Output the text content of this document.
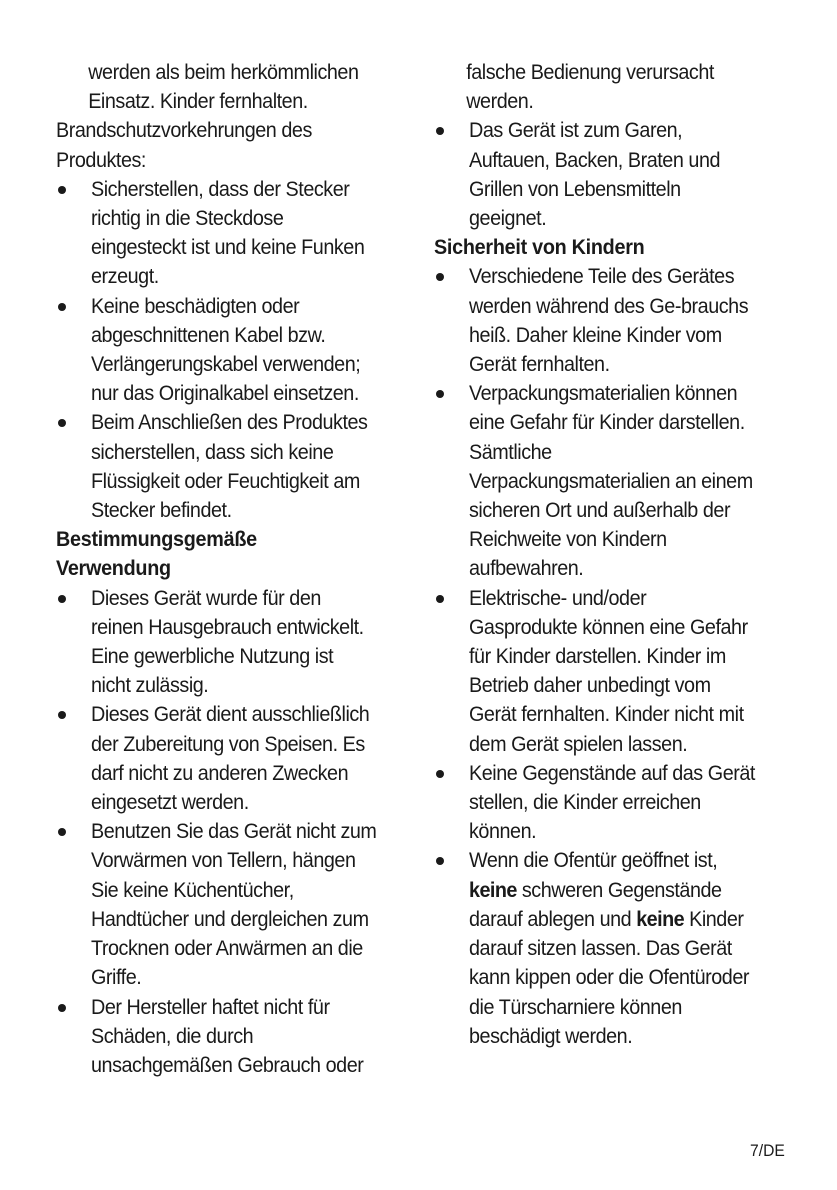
werden als beim herkömmlichen
Einsatz. Kinder fernhalten.
Brandschutzvorkehrungen des
Produktes:
Sicherstellen, dass der Stecker
richtig in die Steckdose
eingesteckt ist und keine Funken
erzeugt.
Keine beschädigten oder
abgeschnittenen Kabel bzw.
Verlängerungskabel verwenden;
nur das Originalkabel einsetzen.
Beim Anschließen des Produktes
sicherstellen, dass sich keine
Flüssigkeit oder Feuchtigkeit am
Stecker befindet.
Bestimmungsgemäße
Verwendung
Dieses Gerät wurde für den
reinen Hausgebrauch entwickelt.
Eine gewerbliche Nutzung ist
nicht zulässig.
Dieses Gerät dient ausschließlich
der Zubereitung von Speisen. Es
darf nicht zu anderen Zwecken
eingesetzt werden.
Benutzen Sie das Gerät nicht zum
Vorwärmen von Tellern, hängen
Sie keine Küchentücher,
Handtücher und dergleichen zum
Trocknen oder Anwärmen an die
Griffe.
Der Hersteller haftet nicht für
Schäden, die durch
unsachgemäßen Gebrauch oder
falsche Bedienung verursacht
werden.
Das Gerät ist zum Garen,
Auftauen, Backen, Braten und
Grillen von Lebensmitteln
geeignet.
Sicherheit von Kindern
Verschiedene Teile des Gerätes
werden während des Ge-brauchs
heiß. Daher kleine Kinder vom
Gerät fernhalten.
Verpackungsmaterialien können
eine Gefahr für Kinder darstellen.
Sämtliche
Verpackungsmaterialien an einem
sicheren Ort und außerhalb der
Reichweite von Kindern
aufbewahren.
Elektrische- und/oder
Gasprodukte können eine Gefahr
für Kinder darstellen. Kinder im
Betrieb daher unbedingt vom
Gerät fernhalten. Kinder nicht mit
dem Gerät spielen lassen.
Keine Gegenstände auf das Gerät
stellen, die Kinder erreichen
können.
Wenn die Ofentür geöffnet ist,
keine schweren Gegenstände
darauf ablegen und keine Kinder
darauf sitzen lassen. Das Gerät
kann kippen oder die Ofentüroder
die Türscharniere können
beschädigt werden.
7/DE
